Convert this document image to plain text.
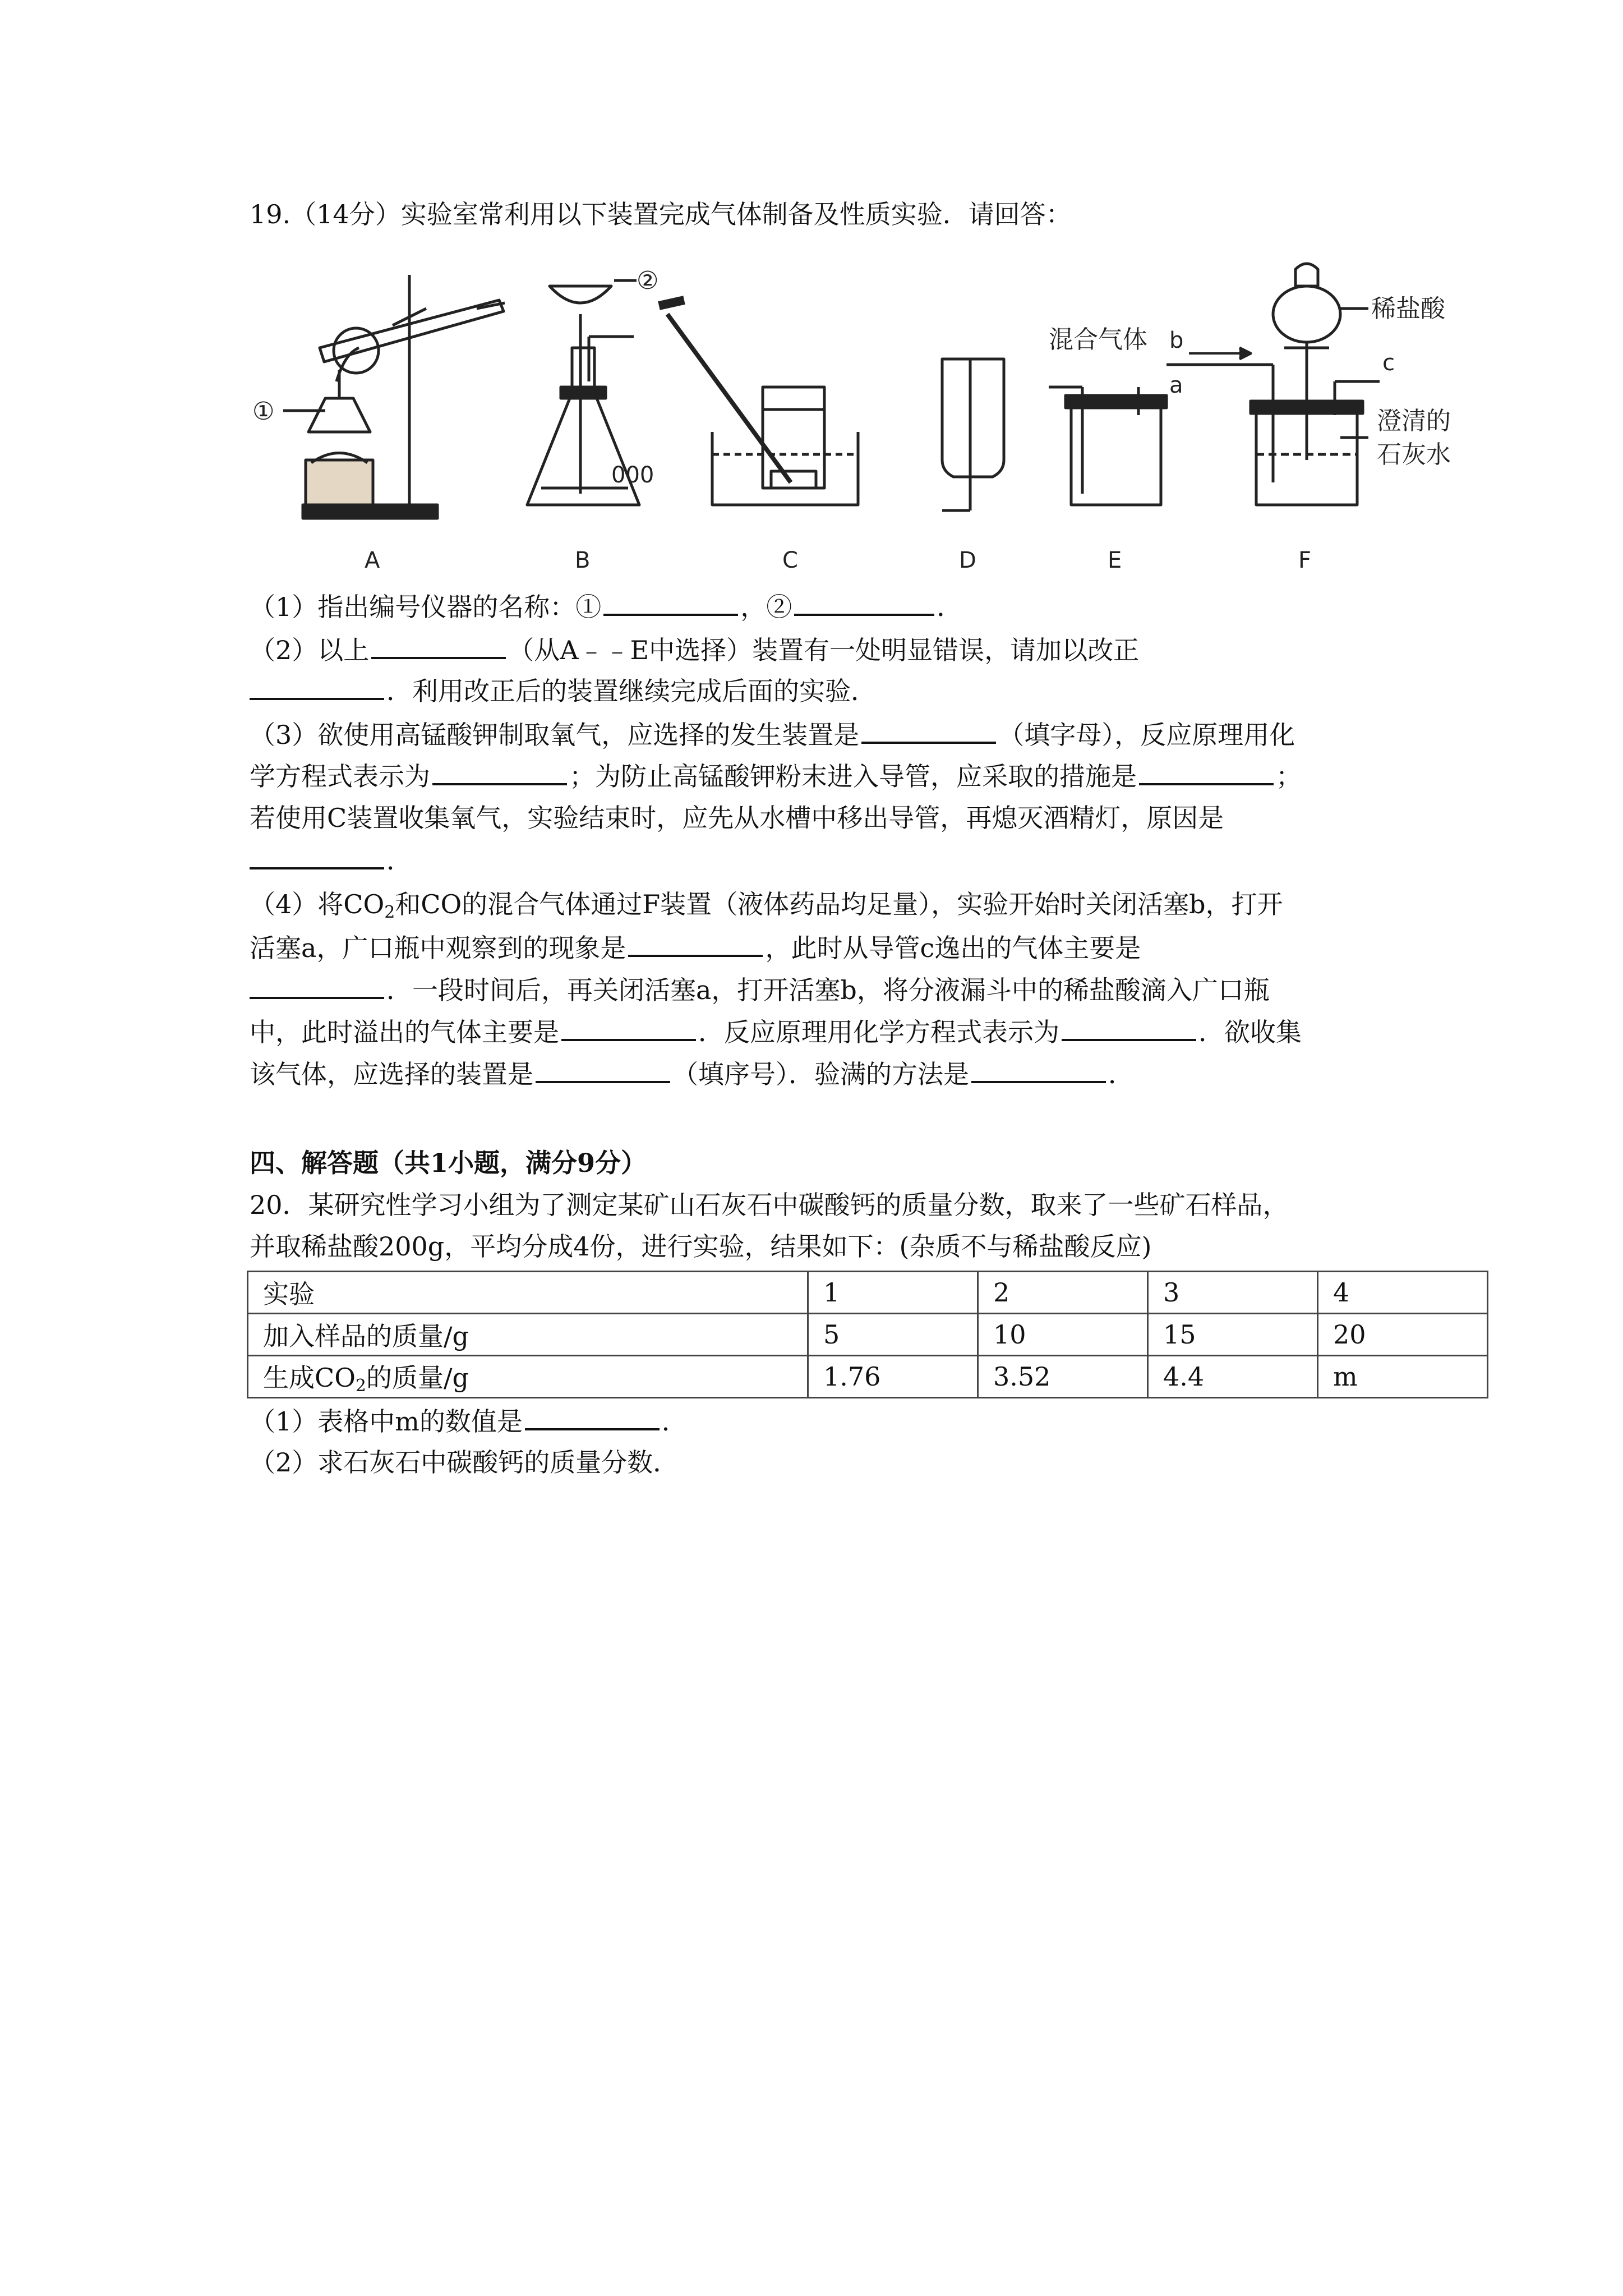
19.（14分）实验室常利用以下装置完成气体制备及性质实验．请回答：
000
①
②
混合气体
稀盐酸
澄清的
石灰水
a
b
c
A	B	C	D	E	F
（1）指出编号仪器的名称：①	，②	．
（2）以上	（从A﹣﹣E中选择）装置有一处明显错误，请加以改正
．利用改正后的装置继续完成后面的实验．
（3）欲使用高锰酸钾制取氧气，应选择的发生装置是	（填字母），反应原理用化
学方程式表示为	；为防止高锰酸钾粉末进入导管，应采取的措施是	；
若使用C装置收集氧气，实验结束时，应先从水槽中移出导管，再熄灭酒精灯，原因是
．
（4）将$CO_2$和CO的混合气体通过F装置（液体药品均足量），实验开始时关闭活塞b，打开
活塞a，广口瓶中观察到的现象是	，此时从导管c逸出的气体主要是
．一段时间后，再关闭活塞a，打开活塞b，将分液漏斗中的稀盐酸滴入广口瓶
中，此时溢出的气体主要是	．反应原理用化学方程式表示为	．欲收集
该气体，应选择的装置是	（填序号）．验满的方法是	．
四、解答题（共1小题，满分9分）
20．某研究性学习小组为了测定某矿山石灰石中碳酸钙的质量分数，取来了一些矿石样品，
并取稀盐酸200g，平均分成4份，进行实验，结果如下：(杂质不与稀盐酸反应)
实验	1	2	3	4
加入样品的质量/g	5	10	15	20
生成$CO_2$的质量/g	1.76	3.52	4.4	m
（1）表格中m的数值是	．
（2）求石灰石中碳酸钙的质量分数．
